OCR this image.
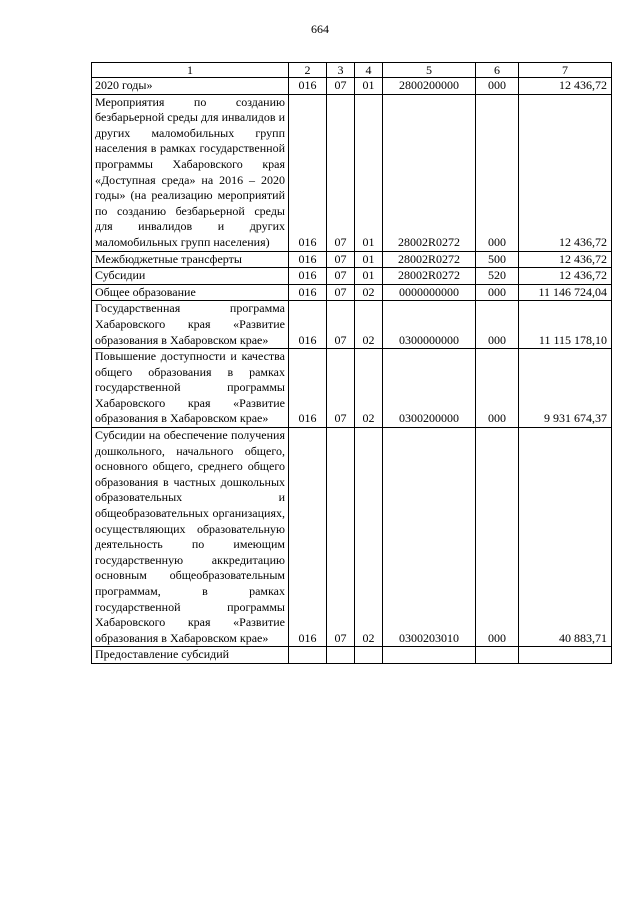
664
1	2	3	4	5	6	7
2020 годы»	016	07	01	2800200000	000	12 436,72
Мероприятия по созданию безбарьерной среды для инвалидов и других маломобильных групп населения в рамках государственной программы Хабаровского края «Доступная среда» на 2016 – 2020 годы» (на реализацию мероприятий по созданию безбарьерной среды для инвалидов и других маломобильных групп населения)	016	07	01	28002R0272	000	12 436,72
Межбюджетные трансферты	016	07	01	28002R0272	500	12 436,72
Субсидии	016	07	01	28002R0272	520	12 436,72
Общее образование	016	07	02	0000000000	000	11 146 724,04
Государственная программа Хабаровского края «Развитие образования в Хабаровском крае»	016	07	02	0300000000	000	11 115 178,10
Повышение доступности и качества общего образования в рамках государственной программы Хабаровского края «Развитие образования в Хабаровском крае»	016	07	02	0300200000	000	9 931 674,37
Субсидии на обеспечение получения дошкольного, начального общего, основного общего, среднего общего образования в частных дошкольных образовательных и общеобразовательных организациях, осуществляющих образовательную деятельность по имеющим государственную аккредитацию основным общеобразовательным программам, в рамках государственной программы Хабаровского края «Развитие образования в Хабаровском крае»	016	07	02	0300203010	000	40 883,71
Предоставление субсидий						
